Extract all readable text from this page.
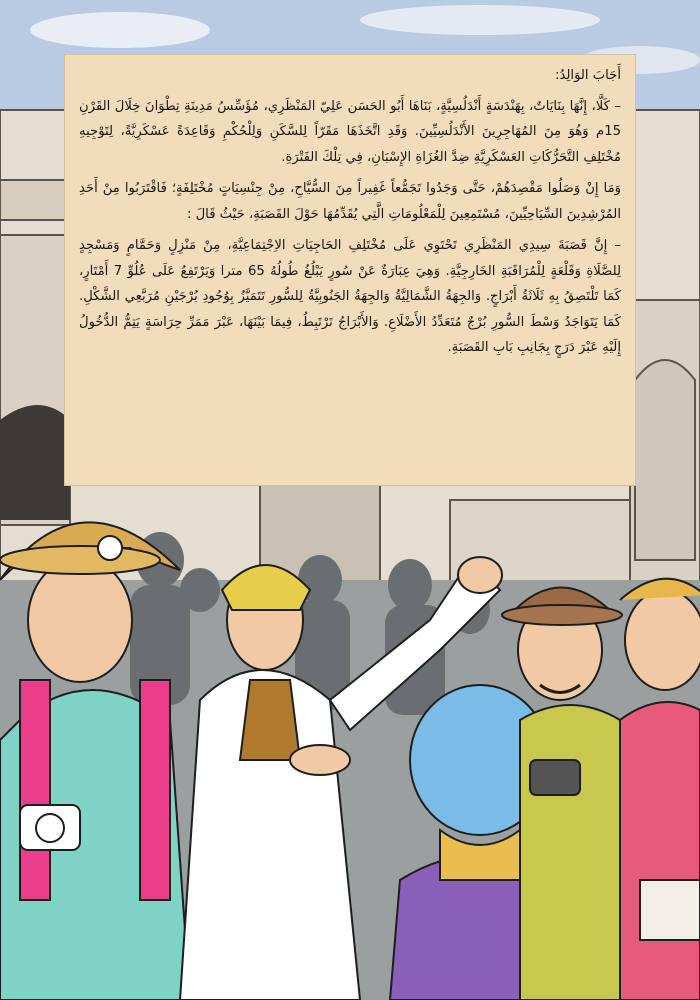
أَجَابَ الوَالِدُ:

– كَلَّا، إِنَّهَا بِنَايَاتٌ، بِهَنْدَسَةٍ أَنْدَلُسِيَّةٍ، بَنَاهَا أَبُو الحَسَن عَلِيّ المَنْظَرِي، مُؤَسِّسُ مَدِينَةِ تِطْوَانَ خِلَالَ القَرْنِ 15م وَهُوَ مِنَ المُهَاجِرِينَ الأَنْدَلُسِيِّينَ. وَقَدِ اتَّخَذَهَا مَقَرّاً لِلسَّكَنِ وَلِلْحُكْمِ وَقَاعِدَةً عَسْكَرِيَّةً، لِتَوْجِيهِ مُخْتَلِفِ التَّحَرُّكَاتِ العَسْكَرِيَّةِ ضِدَّ الغُزَاةِ الإِسْبَانِ، فِي تِلْكَ الفَتْرَةِ.

وَمَا إِنْ وَصَلُوا مَقْصِدَهُمْ، حَتَّى وَجَدُوا تَجَمُّعاً غَفِيراً مِنَ السُّيَّاحِ، مِنْ جِنْسِيَاتٍ مُخْتَلِفَةٍ؛ فَاقْتَرَبُوا مِنْ أَحَدِ المُرْشِدِينَ السِّيَاحِيِّينَ، مُسْتَمِعِينَ لِلْمَعْلُومَاتِ الَّتِي يُقَدِّمُهَا حَوْلَ القَصَبَةِ، حَيْثُ قَالَ :

– إِنَّ قَصَبَةَ سِيدِي المَنْظَرِي تَحْتَوِي عَلَى مُخْتَلِفِ الحَاجِيَاتِ الاِجْتِمَاعِيَّةِ، مِنْ مَنْزِلٍ وَحَمَّامٍ وَمَسْجِدٍ لِلصَّلَاةِ وَقَلْعَةٍ لِلْمُرَاقَبَةِ الخَارِجِيَّةِ. وَهِيَ عِبَارَةٌ عَنْ سُورٍ يَبْلُغُ طُولُهُ 65 مترا وَيَرْتَفِعُ عَلَى عُلُوِّ 7 أَمْتَارٍ، كَمَا تَلْتَصِقُ بِهِ ثَلَاثَةُ أَبْرَاجٍ. وَالجِهَةُ الشَّمَالِيَّةُ وَالجِهَةُ الجَنُوبِيَّةُ لِلسُّورِ تَتَمَيَّزُ بِوُجُودِ بُرْجَيْنِ مُرَبَّعِي الشَّكْلِ. كَمَا يَتَوَاجَدُ وَسْطَ السُّورِ بُرْجٌ مُتَعَدِّدُ الأَضْلَاعِ. وَالأَبْرَاجُ تَرْتَبِطُ، فِيمَا بَيْنَهَا، عَبْرَ مَمَرِّ حِرَاسَةٍ يَتِمُّ الدُّخُولُ إِلَيْهِ عَبْرَ دَرَجٍ بِجَانِبِ بَابِ القَصَبَةِ.
